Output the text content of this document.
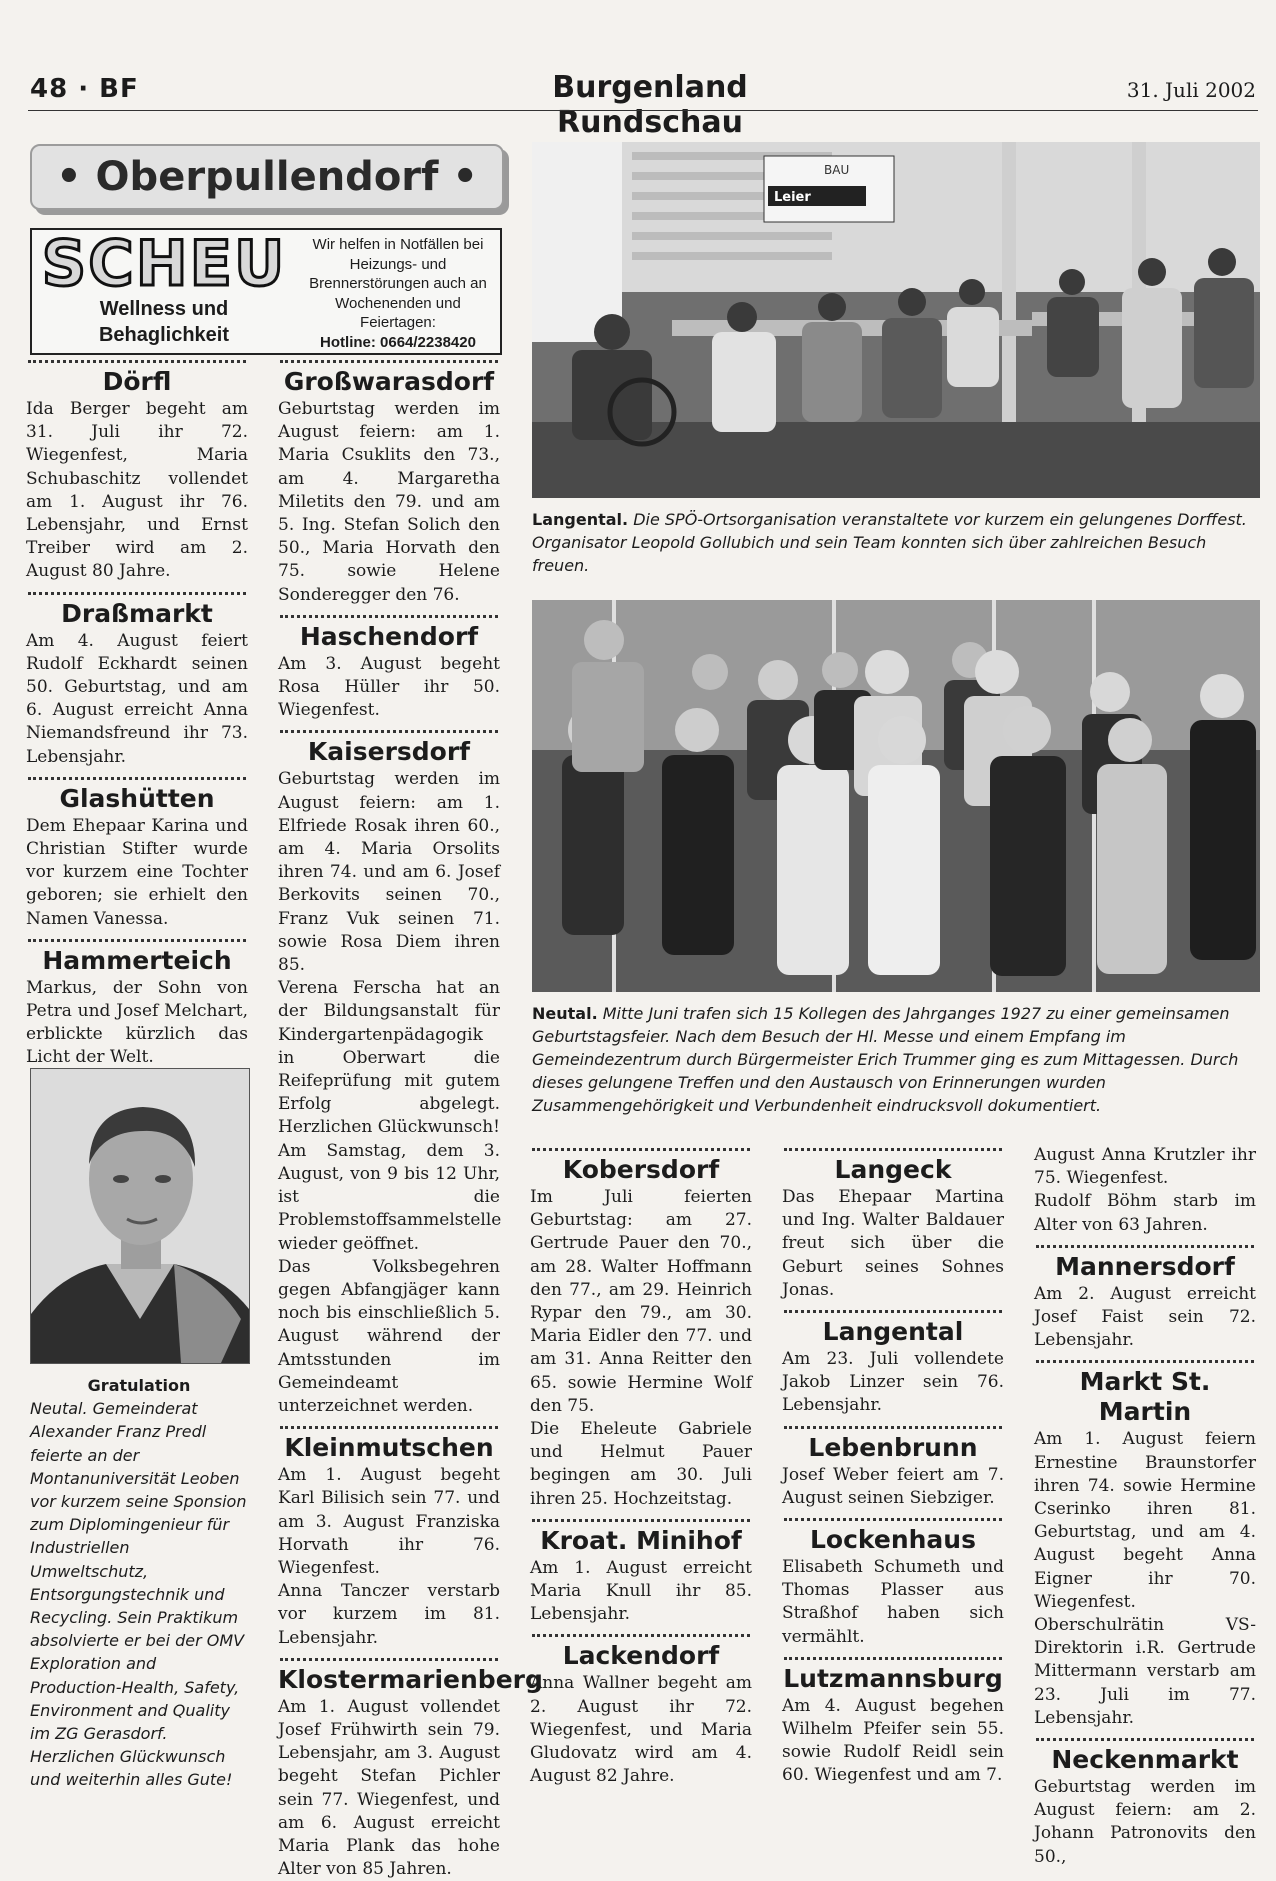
48 · BF	Burgenland Rundschau
31. Juli 2002
• Oberpullendorf •
SCHEU
Wellness und Behaglichkeit
Wir helfen in Notfällen bei Heizungs- und Brennerstörungen auch an Wochenenden und Feiertagen:
Hotline: 0664/2238420
Dörfl

Ida Berger begeht am 31. Juli ihr 72. Wiegenfest, Maria Schubaschitz vollendet am 1. August ihr 76. Lebensjahr, und Ernst Treiber wird am 2. August 80 Jahre.

Draßmarkt

Am 4. August feiert Rudolf Eckhardt seinen 50. Geburtstag, und am 6. August erreicht Anna Niemandsfreund ihr 73. Lebensjahr.

Glashütten

Dem Ehepaar Karina und Christian Stifter wurde vor kurzem eine Tochter geboren; sie erhielt den Namen Vanessa.

Hammerteich

Markus, der Sohn von Petra und Josef Melchart, erblickte kürzlich das Licht der Welt.

Gratulation
Neutal. Gemeinderat Alexander Franz Predl feierte an der Montanuniversität Leoben vor kurzem seine Sponsion zum Diplomingenieur für Industriellen Umweltschutz, Entsorgungstechnik und Recycling. Sein Praktikum absolvierte er bei der OMV Exploration and Production-Health, Safety, Environment and Quality im ZG Gerasdorf. Herzlichen Glückwunsch und weiterhin alles Gute!
Großwarasdorf

Geburtstag werden im August feiern: am 1. Maria Csuklits den 73., am 4. Margaretha Miletits den 79. und am 5. Ing. Stefan Solich den 50., Maria Horvath den 75. sowie Helene Sonderegger den 76.

Haschendorf

Am 3. August begeht Rosa Hüller ihr 50. Wiegenfest.

Kaisersdorf

Geburtstag werden im August feiern: am 1. Elfriede Rosak ihren 60., am 4. Maria Orsolits ihren 74. und am 6. Josef Berkovits seinen 70., Franz Vuk seinen 71. sowie Rosa Diem ihren 85.

Verena Ferscha hat an der Bildungsanstalt für Kindergartenpädagogik in Oberwart die Reifeprüfung mit gutem Erfolg abgelegt. Herzlichen Glückwunsch!

Am Samstag, dem 3. August, von 9 bis 12 Uhr, ist die Problemstoffsammelstelle wieder geöffnet.

Das Volksbegehren gegen Abfangjäger kann noch bis einschließlich 5. August während der Amtsstunden im Gemeindeamt unterzeichnet werden.

Kleinmutschen

Am 1. August begeht Karl Bilisich sein 77. und am 3. August Franziska Horvath ihr 76. Wiegenfest.

Anna Tanczer verstarb vor kurzem im 81. Lebensjahr.

Klostermarienberg

Am 1. August vollendet Josef Frühwirth sein 79. Lebensjahr, am 3. August begeht Stefan Pichler sein 77. Wiegenfest, und am 6. August erreicht Maria Plank das hohe Alter von 85 Jahren.

BAU
Leier
Langental. Die SPÖ-Ortsorganisation veranstaltete vor kurzem ein gelungenes Dorffest. Organisator Leopold Gollubich und sein Team konnten sich über zahlreichen Besuch freuen.
Neutal. Mitte Juni trafen sich 15 Kollegen des Jahrganges 1927 zu einer gemeinsamen Geburtstagsfeier. Nach dem Besuch der Hl. Messe und einem Empfang im Gemeindezentrum durch Bürgermeister Erich Trummer ging es zum Mittagessen. Durch dieses gelungene Treffen und den Austausch von Erinnerungen wurden Zusammengehörigkeit und Verbundenheit eindrucksvoll dokumentiert.
Kobersdorf

Im Juli feierten Geburtstag: am 27. Gertrude Pauer den 70., am 28. Walter Hoffmann den 77., am 29. Heinrich Rypar den 79., am 30. Maria Eidler den 77. und am 31. Anna Reitter den 65. sowie Hermine Wolf den 75.

Die Eheleute Gabriele und Helmut Pauer begingen am 30. Juli ihren 25. Hochzeitstag.

Kroat. Minihof

Am 1. August erreicht Maria Knull ihr 85. Lebensjahr.

Lackendorf

Anna Wallner begeht am 2. August ihr 72. Wiegenfest, und Maria Gludovatz wird am 4. August 82 Jahre.

Langeck

Das Ehepaar Martina und Ing. Walter Baldauer freut sich über die Geburt seines Sohnes Jonas.

Langental

Am 23. Juli vollendete Jakob Linzer sein 76. Lebensjahr.

Lebenbrunn

Josef Weber feiert am 7. August seinen Siebziger.

Lockenhaus

Elisabeth Schumeth und Thomas Plasser aus Straßhof haben sich vermählt.

Lutzmannsburg

Am 4. August begehen Wilhelm Pfeifer sein 55. sowie Rudolf Reidl sein 60. Wiegenfest und am 7.

August Anna Krutzler ihr 75. Wiegenfest.

Rudolf Böhm starb im Alter von 63 Jahren.

Mannersdorf

Am 2. August erreicht Josef Faist sein 72. Lebensjahr.

Markt St. Martin

Am 1. August feiern Ernestine Braunstorfer ihren 74. sowie Hermine Cserinko ihren 81. Geburtstag, und am 4. August begeht Anna Eigner ihr 70. Wiegenfest.

Oberschulrätin VS-Direktorin i.R. Gertrude Mittermann verstarb am 23. Juli im 77. Lebensjahr.

Neckenmarkt

Geburtstag werden im August feiern: am 2. Johann Patronovits den 50.,
